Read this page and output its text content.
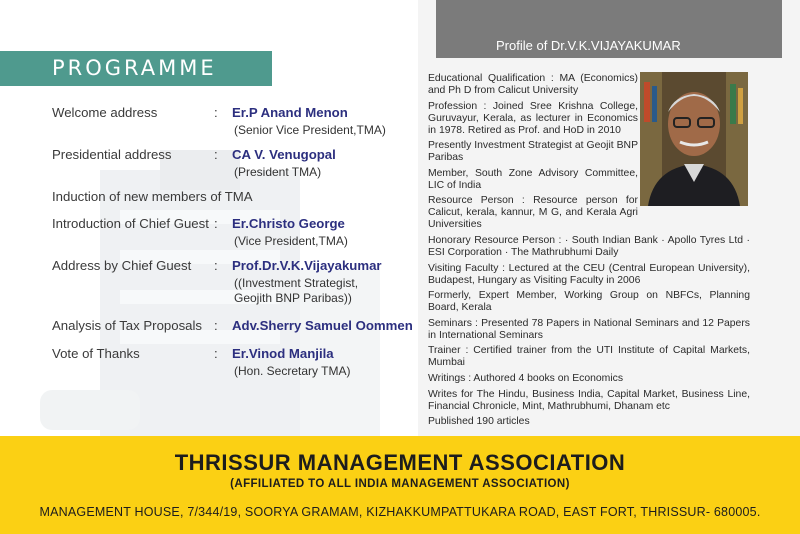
PROGRAMME
Welcome address	: Er.P Anand Menon
(Senior Vice President,TMA)
Presidential address	: CA V. Venugopal
(President TMA)
Induction of new members of TMA
Introduction of Chief Guest : Er.Christo George
(Vice President,TMA)
Address by Chief Guest : Prof.Dr.V.K.Vijayakumar
((Investment Strategist,
Geojith BNP Paribas))
Analysis of Tax Proposals : Adv.Sherry Samuel Oommen
Vote of Thanks	: Er.Vinod Manjila
(Hon. Secretary TMA)
Profile of Dr.V.K.VIJAYAKUMAR

Educational Qualification : MA (Economics) and Ph D from Calicut University

Profession : Joined Sree Krishna College, Guruvayur, Kerala, as lecturer in Economics in 1978. Retired as Prof. and HoD in 2010

Presently Investment Strategist at Geojit BNP Paribas

Member, South Zone Advisory Committee, LIC of India

Resource Person : Resource person for Calicut, kerala, kannur, M G, and Kerala Agri Universities

Honorary Resource Person : · South Indian Bank · Apollo Tyres Ltd · ESI Corporation · The Mathrubhumi Daily

Visiting Faculty : Lectured at the CEU (Central European University), Budapest, Hungary as Visiting Faculty in 2006

Formerly, Expert Member, Working Group on NBFCs, Planning Board, Kerala

Seminars : Presented 78 Papers in National Seminars and 12 Papers in International Seminars

Trainer : Certified trainer from the UTI Institute of Capital Markets, Mumbai

Writings : Authored 4 books on Economics

Writes for The Hindu, Business India, Capital Market, Business Line, Financial Chronicle, Mint, Mathrubhumi, Dhanam etc

Published 190 articles

THRISSUR MANAGEMENT ASSOCIATION
(AFFILIATED TO ALL INDIA MANAGEMENT ASSOCIATION)
MANAGEMENT HOUSE, 7/344/19, SOORYA GRAMAM, KIZHAKKUMPATTUKARA ROAD, EAST FORT, THRISSUR- 680005.
